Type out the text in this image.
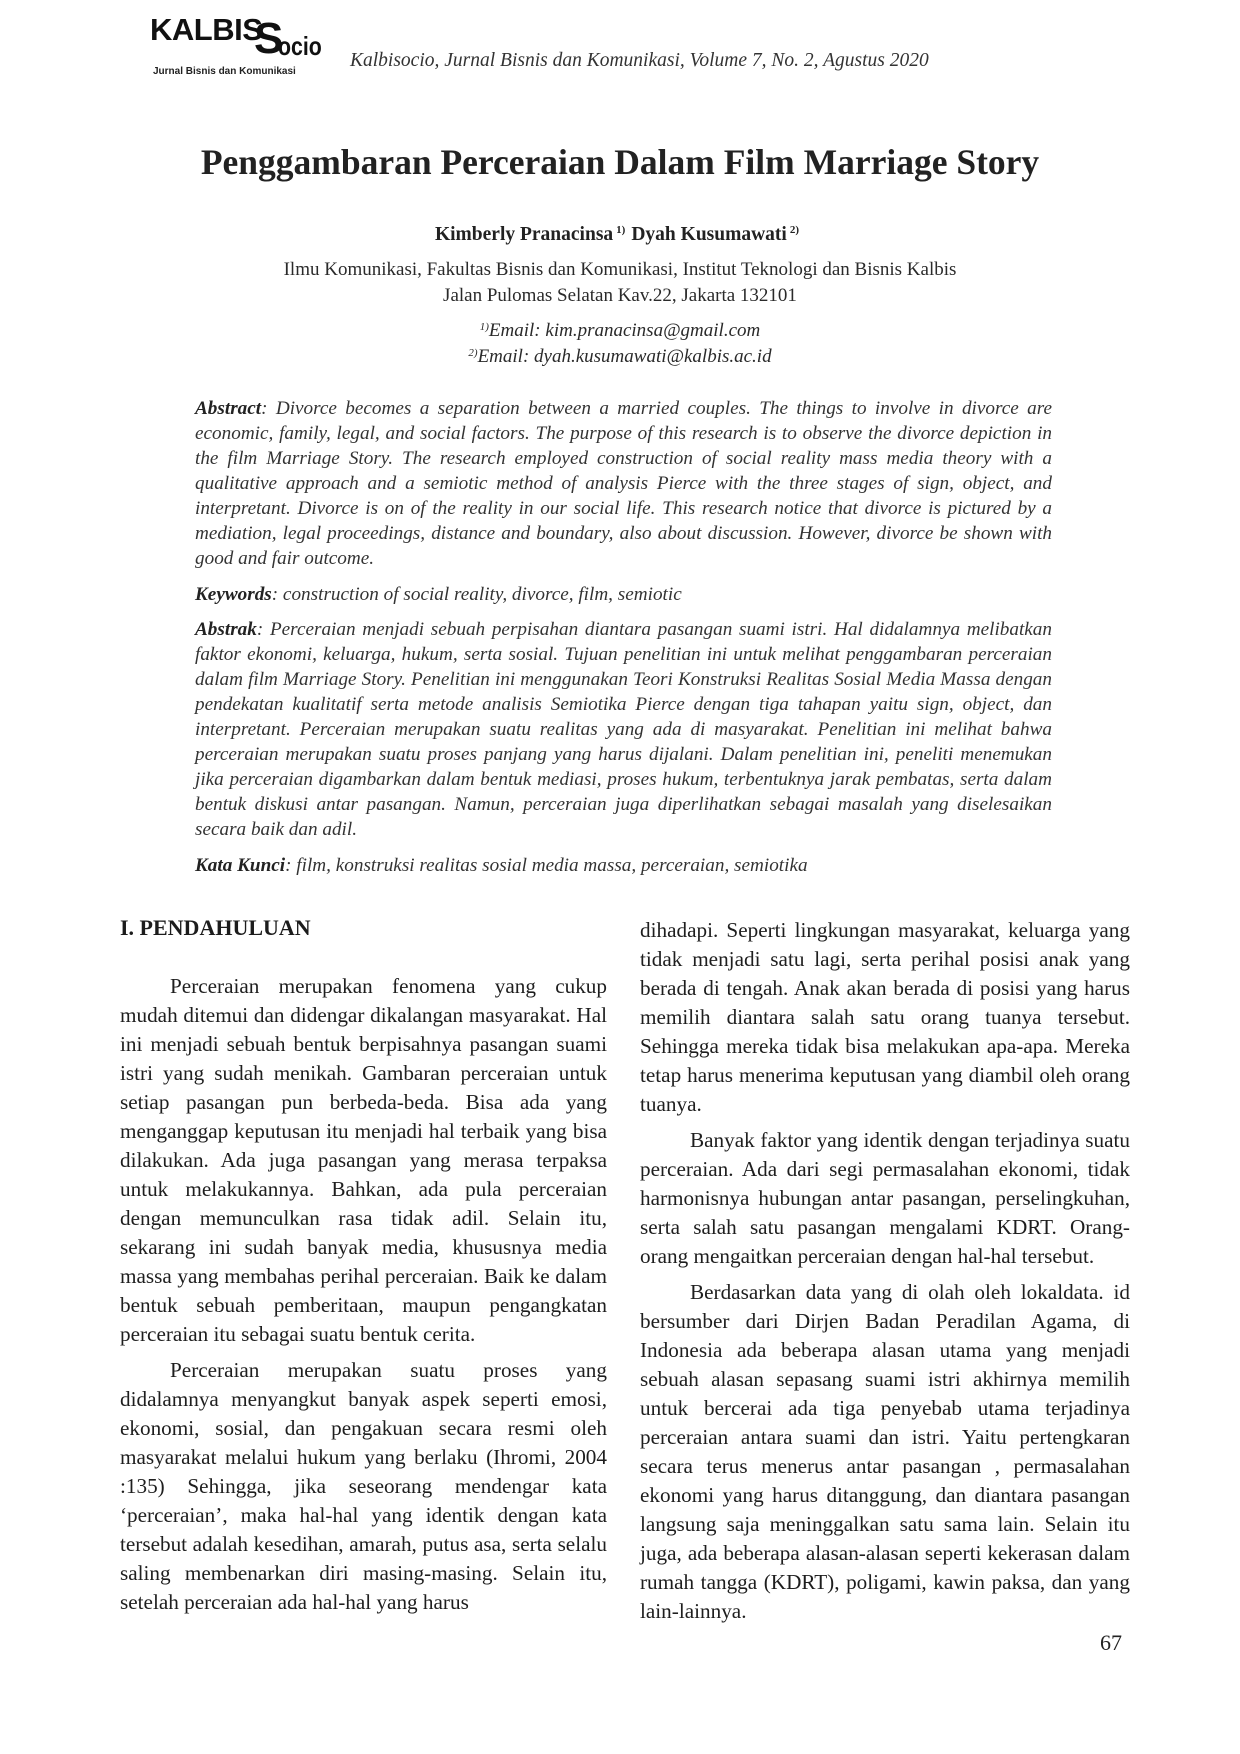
KALBIS
S
ocio
Jurnal Bisnis dan Komunikasi
Kalbisocio, Jurnal Bisnis dan Komunikasi, Volume 7, No. 2, Agustus 2020
Penggambaran Perceraian Dalam Film Marriage Story
Kimberly Pranacinsa $^{1)}$ Dyah Kusumawati $^{2)}$
Ilmu Komunikasi, Fakultas Bisnis dan Komunikasi, Institut Teknologi dan Bisnis Kalbis
Jalan Pulomas Selatan Kav.22, Jakarta 132101
$^{1)}$Email: kim.pranacinsa@gmail.com
$^{2)}$Email: dyah.kusumawati@kalbis.ac.id

Abstract: Divorce becomes a separation between a married couples. The things to involve in divorce are economic, family, legal, and social factors. The purpose of this research is to observe the divorce depiction in the film Marriage Story. The research employed construction of social reality mass media theory with a qualitative approach and a semiotic method of analysis Pierce with the three stages of sign, object, and interpretant. Divorce is on of the reality in our social life. This research notice that divorce is pictured by a mediation, legal proceedings, distance and boundary, also about discussion. However, divorce be shown with good and fair outcome.

Keywords: construction of social reality, divorce, film, semiotic

Abstrak: Perceraian menjadi sebuah perpisahan diantara pasangan suami istri. Hal didalamnya melibatkan faktor ekonomi, keluarga, hukum, serta sosial. Tujuan penelitian ini untuk melihat penggambaran perceraian dalam film Marriage Story. Penelitian ini menggunakan Teori Konstruksi Realitas Sosial Media Massa dengan pendekatan kualitatif serta metode analisis Semiotika Pierce dengan tiga tahapan yaitu sign, object, dan interpretant. Perceraian merupakan suatu realitas yang ada di masyarakat. Penelitian ini melihat bahwa perceraian merupakan suatu proses panjang yang harus dijalani. Dalam penelitian ini, peneliti menemukan jika perceraian digambarkan dalam bentuk mediasi, proses hukum, terbentuknya jarak pembatas, serta dalam bentuk diskusi antar pasangan. Namun, perceraian juga diperlihatkan sebagai masalah yang diselesaikan secara baik dan adil.

Kata Kunci: film, konstruksi realitas sosial media massa, perceraian, semiotika

I. PENDAHULUAN

Perceraian merupakan fenomena yang cukup mudah ditemui dan didengar dikalangan masyarakat. Hal ini menjadi sebuah bentuk berpisahnya pasangan suami istri yang sudah menikah. Gambaran perceraian untuk setiap pasangan pun berbeda-beda. Bisa ada yang menganggap keputusan itu menjadi hal terbaik yang bisa dilakukan. Ada juga pasangan yang merasa terpaksa untuk melakukannya. Bahkan, ada pula perceraian dengan memunculkan rasa tidak adil. Selain itu, sekarang ini sudah banyak media, khususnya media massa yang membahas perihal perceraian. Baik ke dalam bentuk sebuah pemberitaan, maupun pengangkatan perceraian itu sebagai suatu bentuk cerita.

Perceraian merupakan suatu proses yang didalamnya menyangkut banyak aspek seperti emosi, ekonomi, sosial, dan pengakuan secara resmi oleh masyarakat melalui hukum yang berlaku (Ihromi, 2004 :135) Sehingga, jika seseorang mendengar kata ‘perceraian’, maka hal-hal yang identik dengan kata tersebut adalah kesedihan, amarah, putus asa, serta selalu saling membenarkan diri masing-masing. Selain itu, setelah perceraian ada hal-hal yang harus

dihadapi. Seperti lingkungan masyarakat, keluarga yang tidak menjadi satu lagi, serta perihal posisi anak yang berada di tengah. Anak akan berada di posisi yang harus memilih diantara salah satu orang tuanya tersebut. Sehingga mereka tidak bisa melakukan apa-apa. Mereka tetap harus menerima keputusan yang diambil oleh orang tuanya.

Banyak faktor yang identik dengan terjadinya suatu perceraian. Ada dari segi permasalahan ekonomi, tidak harmonisnya hubungan antar pasangan, perselingkuhan, serta salah satu pasangan mengalami KDRT. Orang-orang mengaitkan perceraian dengan hal-hal tersebut.

Berdasarkan data yang di olah oleh lokaldata. id bersumber dari Dirjen Badan Peradilan Agama, di Indonesia ada beberapa alasan utama yang menjadi sebuah alasan sepasang suami istri akhirnya memilih untuk bercerai ada tiga penyebab utama terjadinya perceraian antara suami dan istri. Yaitu pertengkaran secara terus menerus antar pasangan , permasalahan ekonomi yang harus ditanggung, dan diantara pasangan langsung saja meninggalkan satu sama lain. Selain itu juga, ada beberapa alasan-alasan seperti kekerasan dalam rumah tangga (KDRT), poligami, kawin paksa, dan yang lain-lainnya.

67
